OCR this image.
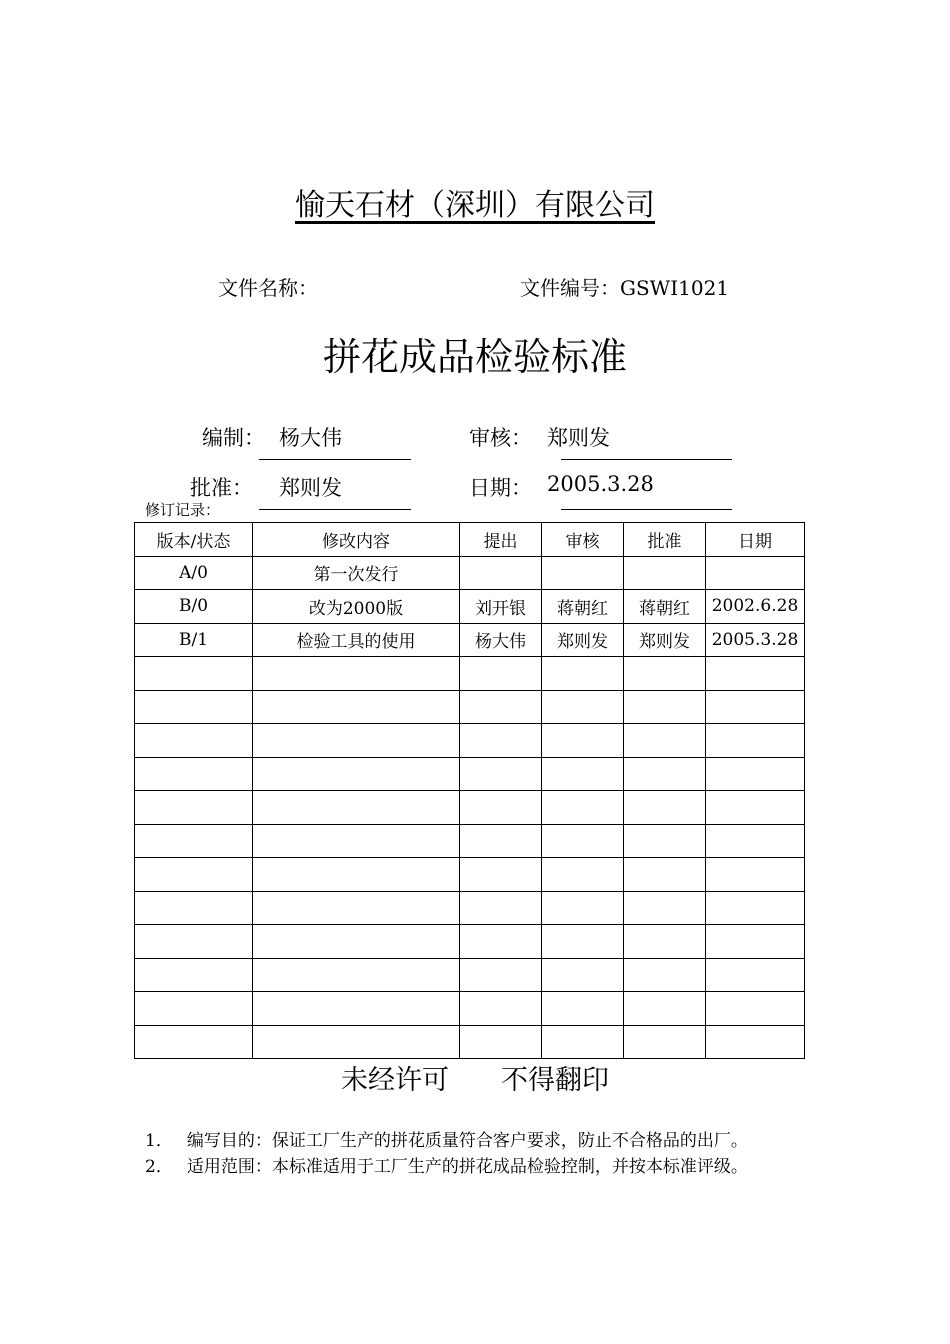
愉天石材（深圳）有限公司
文件名称：	文件编号：GSWI1021
拼花成品检验标准
编制： 杨大伟	审核： 郑则发
批准： 郑则发	日期： 2005.3.28
修订记录：
版本/状态	修改内容	提出	审核	批准	日期
A/0	第一次发行				
B/0	改为2000版	刘开银	蒋朝红	蒋朝红	2002.6.28
B/1	检验工具的使用	杨大伟	郑则发	郑则发	2005.3.28

未经许可 不得翻印
1． 编写目的：保证工厂生产的拼花质量符合客户要求，防止不合格品的出厂。
2． 适用范围：本标准适用于工厂生产的拼花成品检验控制，并按本标准评级。
